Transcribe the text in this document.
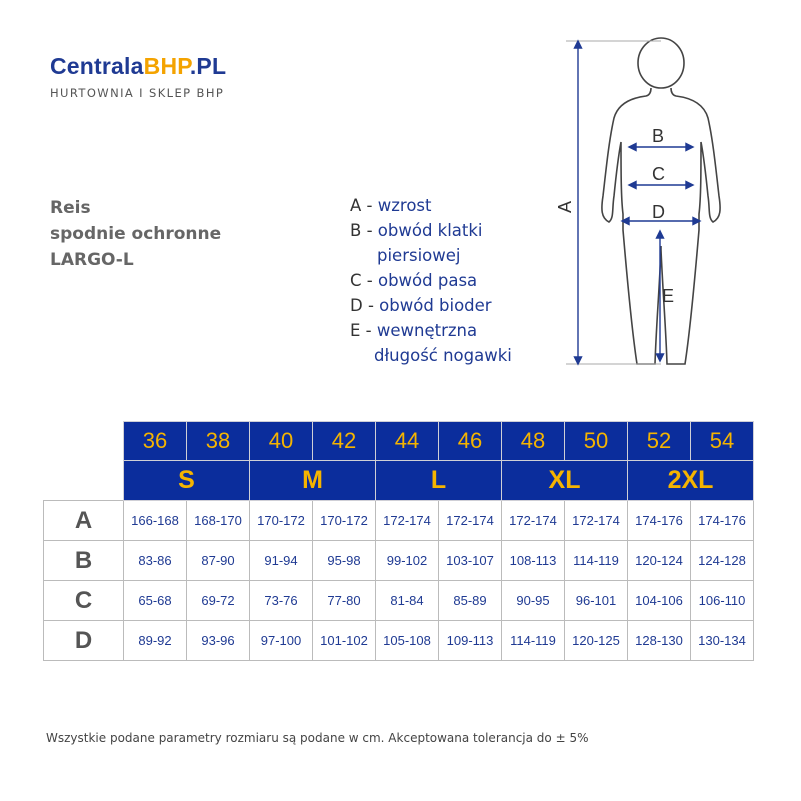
CentralaBHP.PL
HURTOWNIA I SKLEP BHP
Reis
spodnie ochronne
LARGO-L
A - wzrost
B - obwód klatki
piersiowej
C - obwód pasa
D - obwód bioder
E - wewnętrzna
długość nogawki
A
B
C
D
E
	36	38	40	42	44	46	48	50	52	54
	S		M		L		XL		2XL	
A	166-168	168-170	170-172	170-172	172-174	172-174	172-174	172-174	174-176	174-176
B	83-86	87-90	91-94	95-98	99-102	103-107	108-113	114-119	120-124	124-128
C	65-68	69-72	73-76	77-80	81-84	85-89	90-95	96-101	104-106	106-110
D	89-92	93-96	97-100	101-102	105-108	109-113	114-119	120-125	128-130	130-134
Wszystkie podane parametry rozmiaru są podane w cm. Akceptowana tolerancja do ± 5%
